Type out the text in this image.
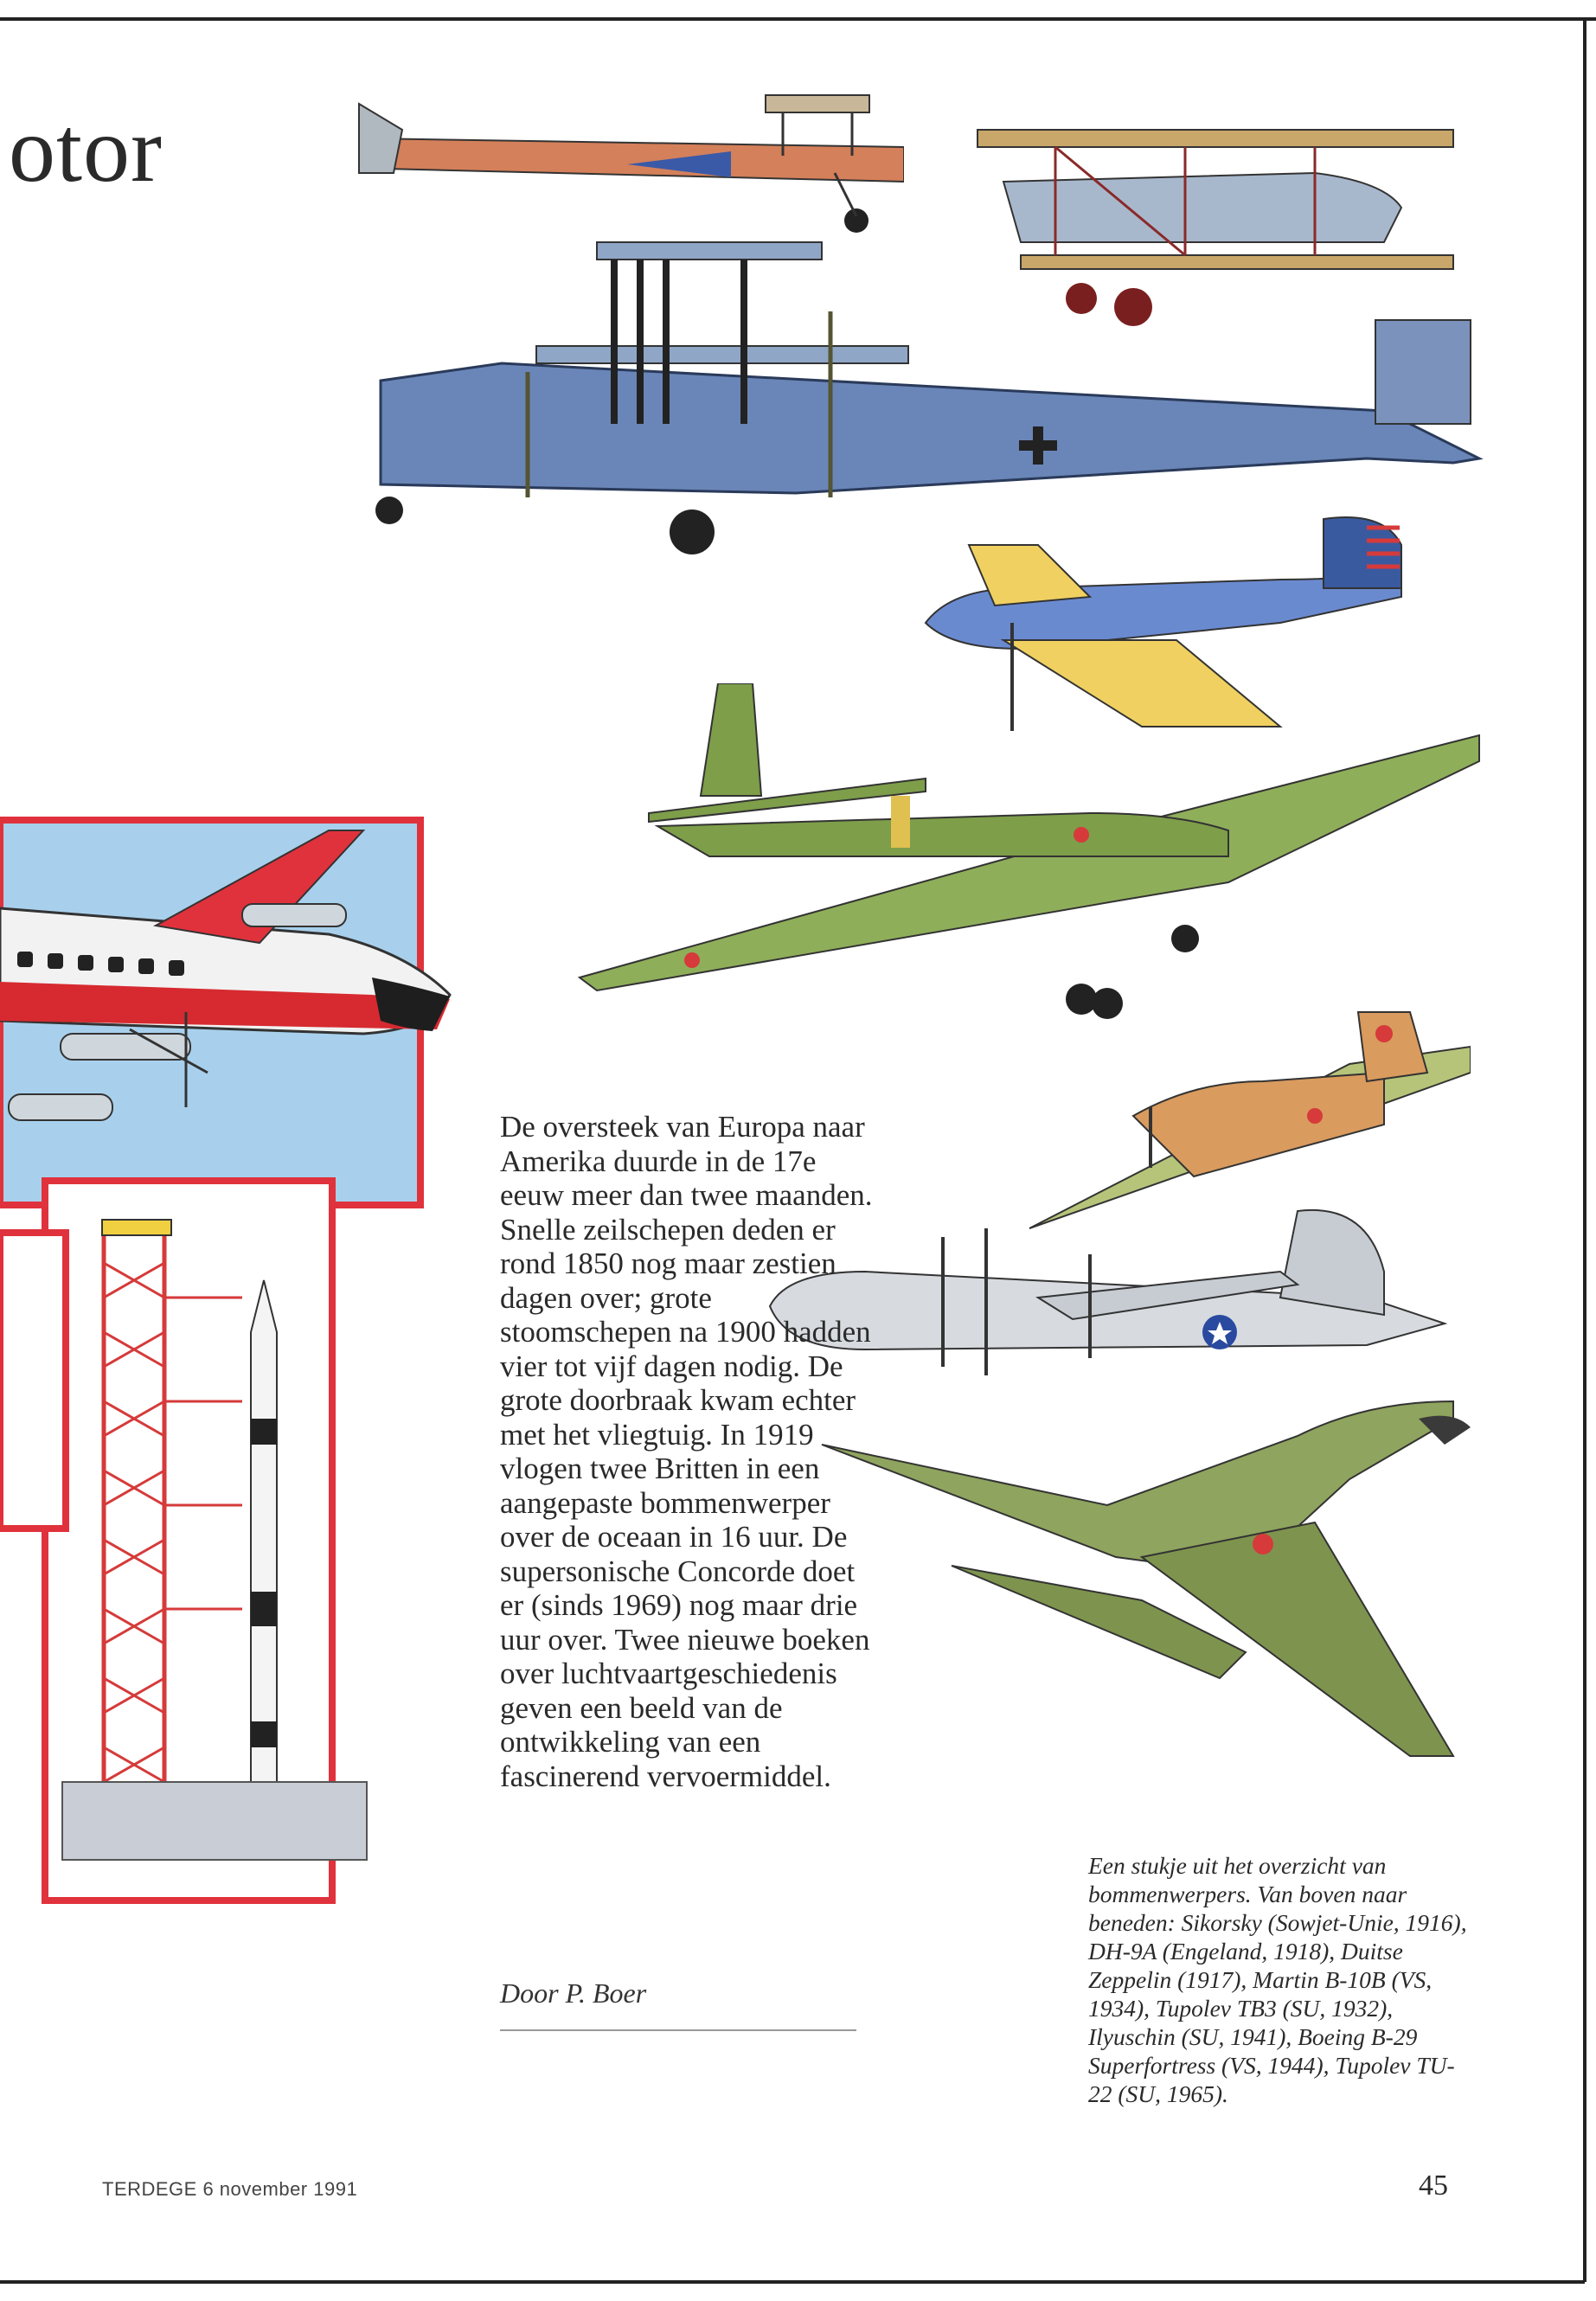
otor

De oversteek van Europa naar Amerika duurde in de 17e eeuw meer dan twee maanden. Snelle zeilschepen deden er rond 1850 nog maar zestien dagen over; grote stoomschepen na 1900 hadden vier tot vijf dagen nodig. De grote doorbraak kwam echter met het vliegtuig. In 1919 vlogen twee Britten in een aangepaste bommenwerper over de oceaan in 16 uur. De supersonische Concorde doet er (sinds 1969) nog maar drie uur over. Twee nieuwe boeken over luchtvaartgeschiedenis geven een beeld van de ontwikkeling van een fascinerend vervoermiddel.

Door P. Boer
Een stukje uit het overzicht van bommenwerpers. Van boven naar beneden: Sikorsky (Sowjet-Unie, 1916), DH-9A (Engeland, 1918), Duitse Zeppelin (1917), Martin B-10B (VS, 1934), Tupolev TB3 (SU, 1932), Ilyuschin (SU, 1941), Boeing B-29 Superfortress (VS, 1944), Tupolev TU-22 (SU, 1965).
TERDEGE 6 november 1991	45
